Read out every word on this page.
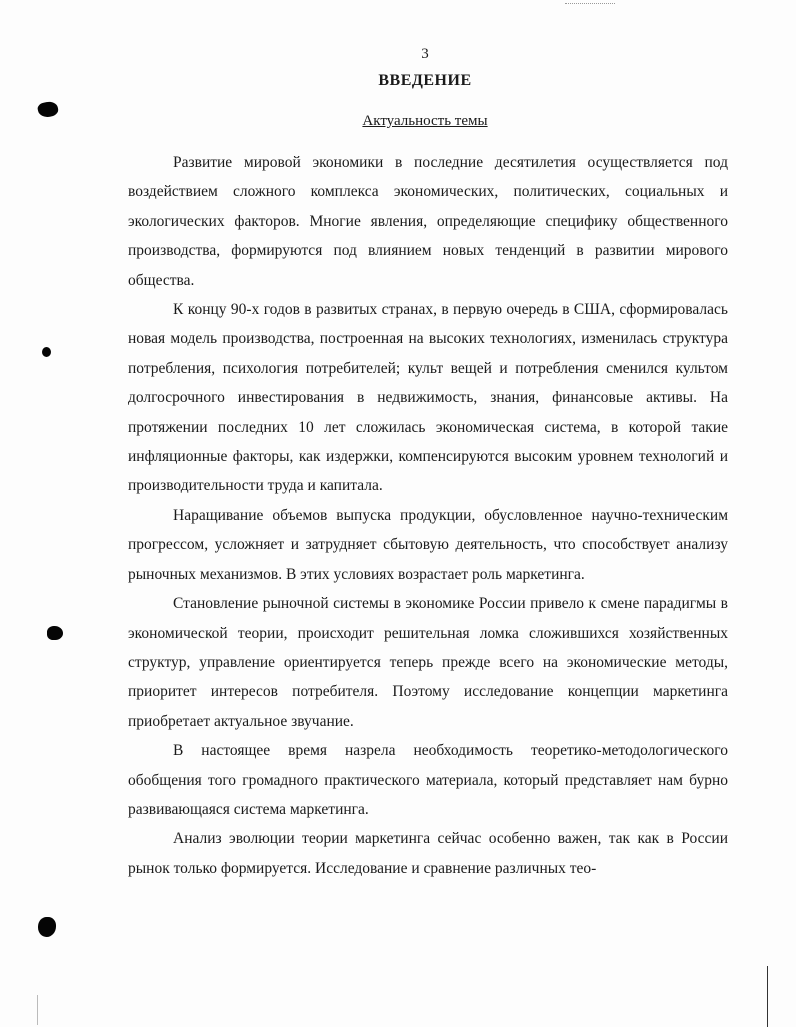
3
ВВЕДЕНИЕ
Актуальность темы

Развитие мировой экономики в последние десятилетия осуществляется под воздействием сложного комплекса экономических, политических, социальных и экологических факторов. Многие явления, определяющие специфику общественного производства, формируются под влиянием новых тенденций в развитии мирового общества.

К концу 90-х годов в развитых странах, в первую очередь в США, сформировалась новая модель производства, построенная на высоких технологиях, изменилась структура потребления, психология потребителей; культ вещей и потребления сменился культом долгосрочного инвестирования в недвижимость, знания, финансовые активы. На протяжении последних 10 лет сложилась экономическая система, в которой такие инфляционные факторы, как издержки, компенсируются высоким уровнем технологий и производительности труда и капитала.

Наращивание объемов выпуска продукции, обусловленное научно-техническим прогрессом, усложняет и затрудняет сбытовую деятельность, что способствует анализу рыночных механизмов. В этих условиях возрастает роль маркетинга.

Становление рыночной системы в экономике России привело к смене парадигмы в экономической теории, происходит решительная ломка сложившихся хозяйственных структур, управление ориентируется теперь прежде всего на экономические методы, приоритет интересов потребителя. Поэтому исследование концепции маркетинга приобретает актуальное звучание.

В настоящее время назрела необходимость теоретико-методологического обобщения того громадного практического материала, который представляет нам бурно развивающаяся система маркетинга.

Анализ эволюции теории маркетинга сейчас особенно важен, так как в России рынок только формируется. Исследование и сравнение различных тео-
